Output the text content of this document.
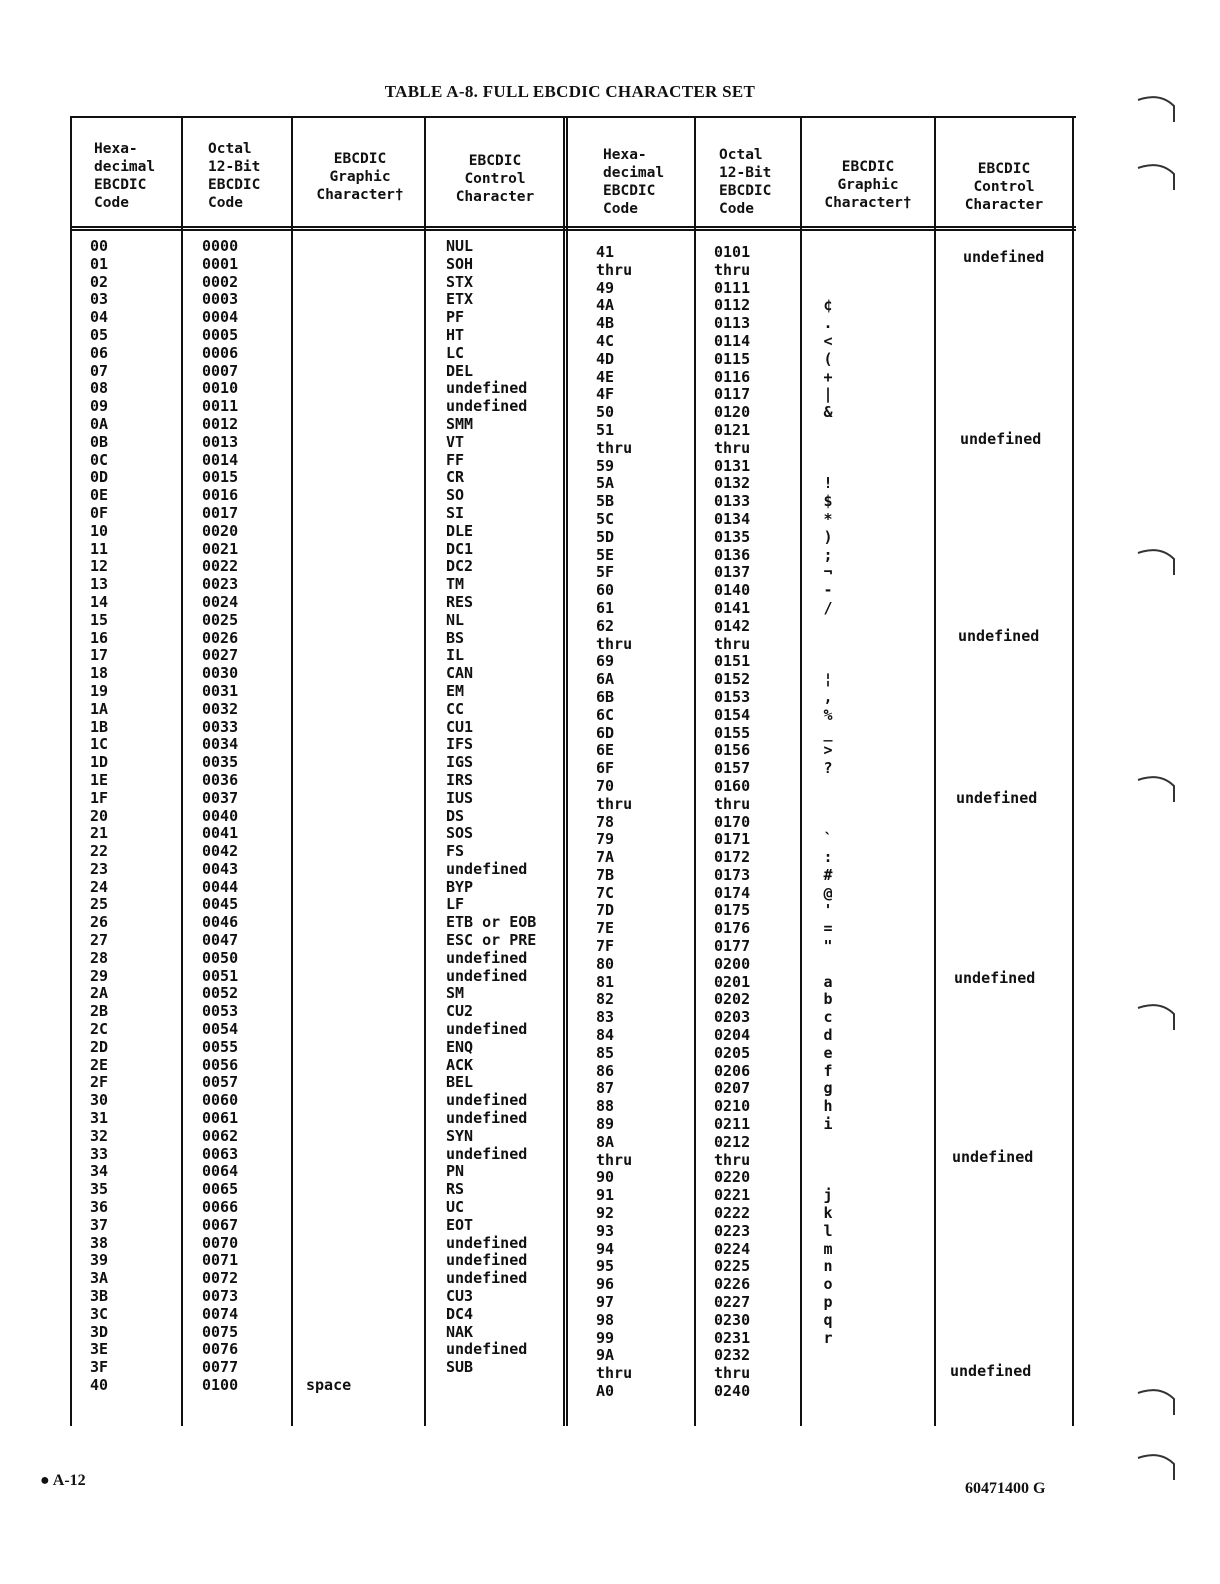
TABLE A-8. FULL EBCDIC CHARACTER SET
Hexa-
decimal
EBCDIC
Code
Octal
12-Bit
EBCDIC
Code
EBCDIC
Graphic
Character†
EBCDIC
Control
Character
Hexa-
decimal
EBCDIC
Code
Octal
12-Bit
EBCDIC
Code
EBCDIC
Graphic
Character†
EBCDIC
Control
Character
00
01
02
03
04
05
06
07
08
09
0A
0B
0C
0D
0E
0F
10
11
12
13
14
15
16
17
18
19
1A
1B
1C
1D
1E
1F
20
21
22
23
24
25
26
27
28
29
2A
2B
2C
2D
2E
2F
30
31
32
33
34
35
36
37
38
39
3A
3B
3C
3D
3E
3F
40
0000
0001
0002
0003
0004
0005
0006
0007
0010
0011
0012
0013
0014
0015
0016
0017
0020
0021
0022
0023
0024
0025
0026
0027
0030
0031
0032
0033
0034
0035
0036
0037
0040
0041
0042
0043
0044
0045
0046
0047
0050
0051
0052
0053
0054
0055
0056
0057
0060
0061
0062
0063
0064
0065
0066
0067
0070
0071
0072
0073
0074
0075
0076
0077
0100	space
NUL
SOH
STX
ETX
PF
HT
LC
DEL
undefined
undefined
SMM
VT
FF
CR
SO
SI
DLE
DC1
DC2
TM
RES
NL
BS
IL
CAN
EM
CC
CU1
IFS
IGS
IRS
IUS
DS
SOS
FS
undefined
BYP
LF
ETB or EOB
ESC or PRE
undefined
undefined
SM
CU2
undefined
ENQ
ACK
BEL
undefined
undefined
SYN
undefined
PN
RS
UC
EOT
undefined
undefined
undefined
CU3
DC4
NAK
undefined
SUB
41
thru
49
4A
4B
4C
4D
4E
4F
50
51
thru
59
5A
5B
5C
5D
5E
5F
60
61
62
thru
69
6A
6B
6C
6D
6E
6F
70
thru
78
79
7A
7B
7C
7D
7E
7F
80
81
82
83
84
85
86
87
88
89
8A
thru
90
91
92
93
94
95
96
97
98
99
9A
thru
A0
0101
thru
0111
0112
0113
0114
0115
0116
0117
0120
0121
thru
0131
0132
0133
0134
0135
0136
0137
0140
0141
0142
thru
0151
0152
0153
0154
0155
0156
0157
0160
thru
0170
0171
0172
0173
0174
0175
0176
0177
0200
0201
0202
0203
0204
0205
0206
0207
0210
0211
0212
thru
0220
0221
0222
0223
0224
0225
0226
0227
0230
0231
0232
thru
0240
¢
.
<
(
+
|
&
!
$
*
)
;
¬
-
/
¦
,
%
_
>
?
`
:
#
@
'
=
"
a
b
c
d
e
f
g
h
i
j
k
l
m
n
o
p
q
r
undefined
undefined
undefined
undefined
undefined
undefined
undefined
● A-12	60471400 G
